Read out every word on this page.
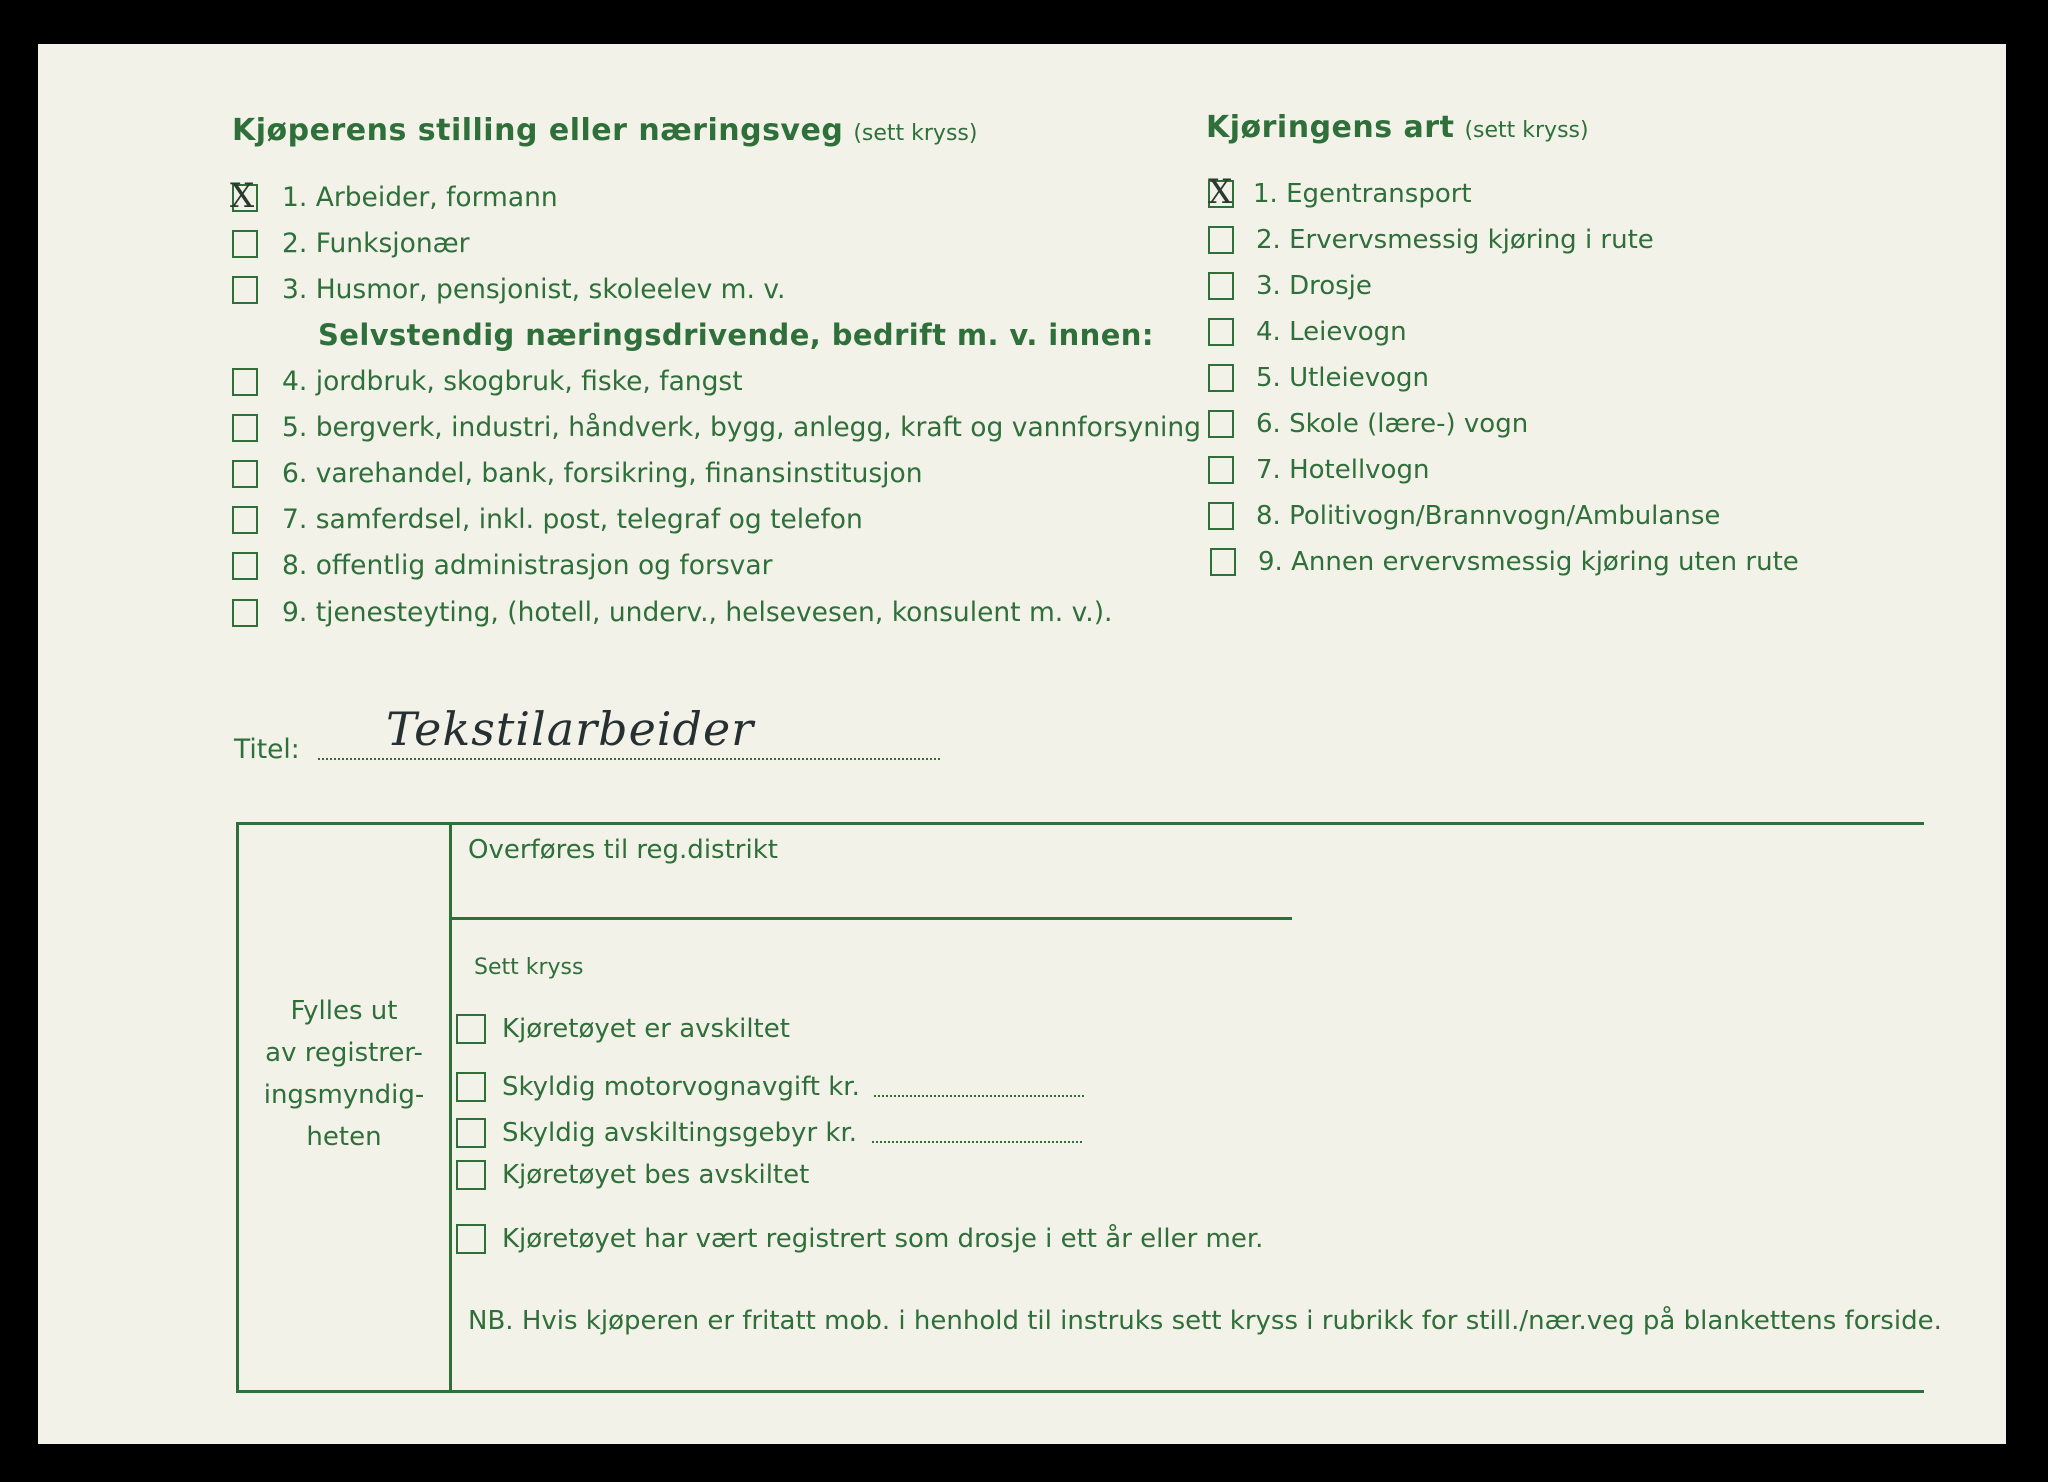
Kjøperens stilling eller næringsveg (sett kryss)
X 1. Arbeider, formann
2. Funksjonær
3. Husmor, pensjonist, skoleelev m. v.
Selvstendig næringsdrivende, bedrift m. v. innen:
4. jordbruk, skogbruk, fiske, fangst
5. bergverk, industri, håndverk, bygg, anlegg, kraft og vannforsyning
6. varehandel, bank, forsikring, finansinstitusjon
7. samferdsel, inkl. post, telegraf og telefon
8. offentlig administrasjon og forsvar
9. tjenesteyting, (hotell, underv., helsevesen, konsulent m. v.).
Titel: Tekstilarbeider
Kjøringens art (sett kryss)
X 1. Egentransport
2. Ervervsmessig kjøring i rute
3. Drosje
4. Leievogn
5. Utleievogn
6. Skole (lære-) vogn
7. Hotellvogn
8. Politivogn/Brannvogn/Ambulanse
9. Annen ervervsmessig kjøring uten rute
Fylles ut
av registrer-
ingsmyndig-
heten
Overføres til reg.distrikt
Sett kryss
Kjøretøyet er avskiltet
Skyldig motorvognavgift kr.
Skyldig avskiltingsgebyr kr.
Kjøretøyet bes avskiltet
Kjøretøyet har vært registrert som drosje i ett år eller mer.
NB. Hvis kjøperen er fritatt mob. i henhold til instruks sett kryss i rubrikk for still./nær.veg på blankettens forside.
